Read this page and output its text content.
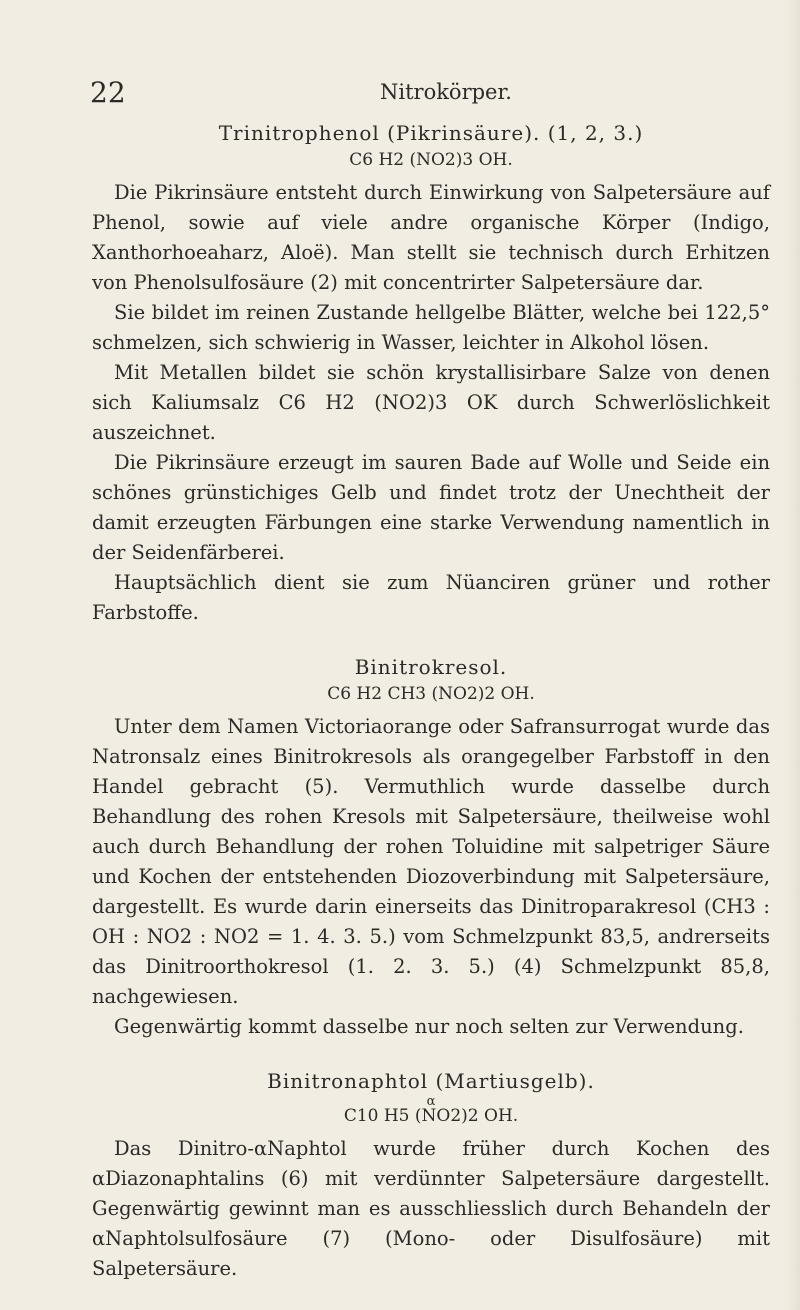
22	Nitrokörper.
Trinitrophenol (Pikrinsäure). (1, 2, 3.)
C6 H2 (NO2)3 OH.

Die Pikrinsäure entsteht durch Einwirkung von Salpetersäure auf Phenol, sowie auf viele andre organische Körper (Indigo, Xanthorhoeaharz, Aloë). Man stellt sie technisch durch Erhitzen von Phenolsulfosäure (2) mit concentrirter Salpetersäure dar.

Sie bildet im reinen Zustande hellgelbe Blätter, welche bei 122,5° schmelzen, sich schwierig in Wasser, leichter in Alkohol lösen.

Mit Metallen bildet sie schön krystallisirbare Salze von denen sich Kaliumsalz C6 H2 (NO2)3 OK durch Schwerlöslichkeit auszeichnet.

Die Pikrinsäure erzeugt im sauren Bade auf Wolle und Seide ein schönes grünstichiges Gelb und findet trotz der Unechtheit der damit erzeugten Färbungen eine starke Verwendung namentlich in der Seidenfärberei.

Hauptsächlich dient sie zum Nüanciren grüner und rother Farbstoffe.

Binitrokresol.
C6 H2 CH3 (NO2)2 OH.

Unter dem Namen Victoriaorange oder Safransurrogat wurde das Natronsalz eines Binitrokresols als orangegelber Farbstoff in den Handel gebracht (5). Vermuthlich wurde dasselbe durch Behandlung des rohen Kresols mit Salpetersäure, theilweise wohl auch durch Behandlung der rohen Toluidine mit salpetriger Säure und Kochen der entstehenden Diozoverbindung mit Salpetersäure, dargestellt. Es wurde darin einerseits das Dinitroparakresol (CH3 : OH : NO2 : NO2 = 1. 4. 3. 5.) vom Schmelzpunkt 83,5, andrerseits das Dinitroorthokresol (1. 2. 3. 5.) (4) Schmelzpunkt 85,8, nachgewiesen.

Gegenwärtig kommt dasselbe nur noch selten zur Verwendung.

Binitronaphtol (Martiusgelb).
α
C10 H5 (NO2)2 OH.

Das Dinitro-αNaphtol wurde früher durch Kochen des αDiazonaphtalins (6) mit verdünnter Salpetersäure dargestellt. Gegenwärtig gewinnt man es ausschliesslich durch Behandeln der αNaphtolsulfosäure (7) (Mono- oder Disulfosäure) mit Salpetersäure.
